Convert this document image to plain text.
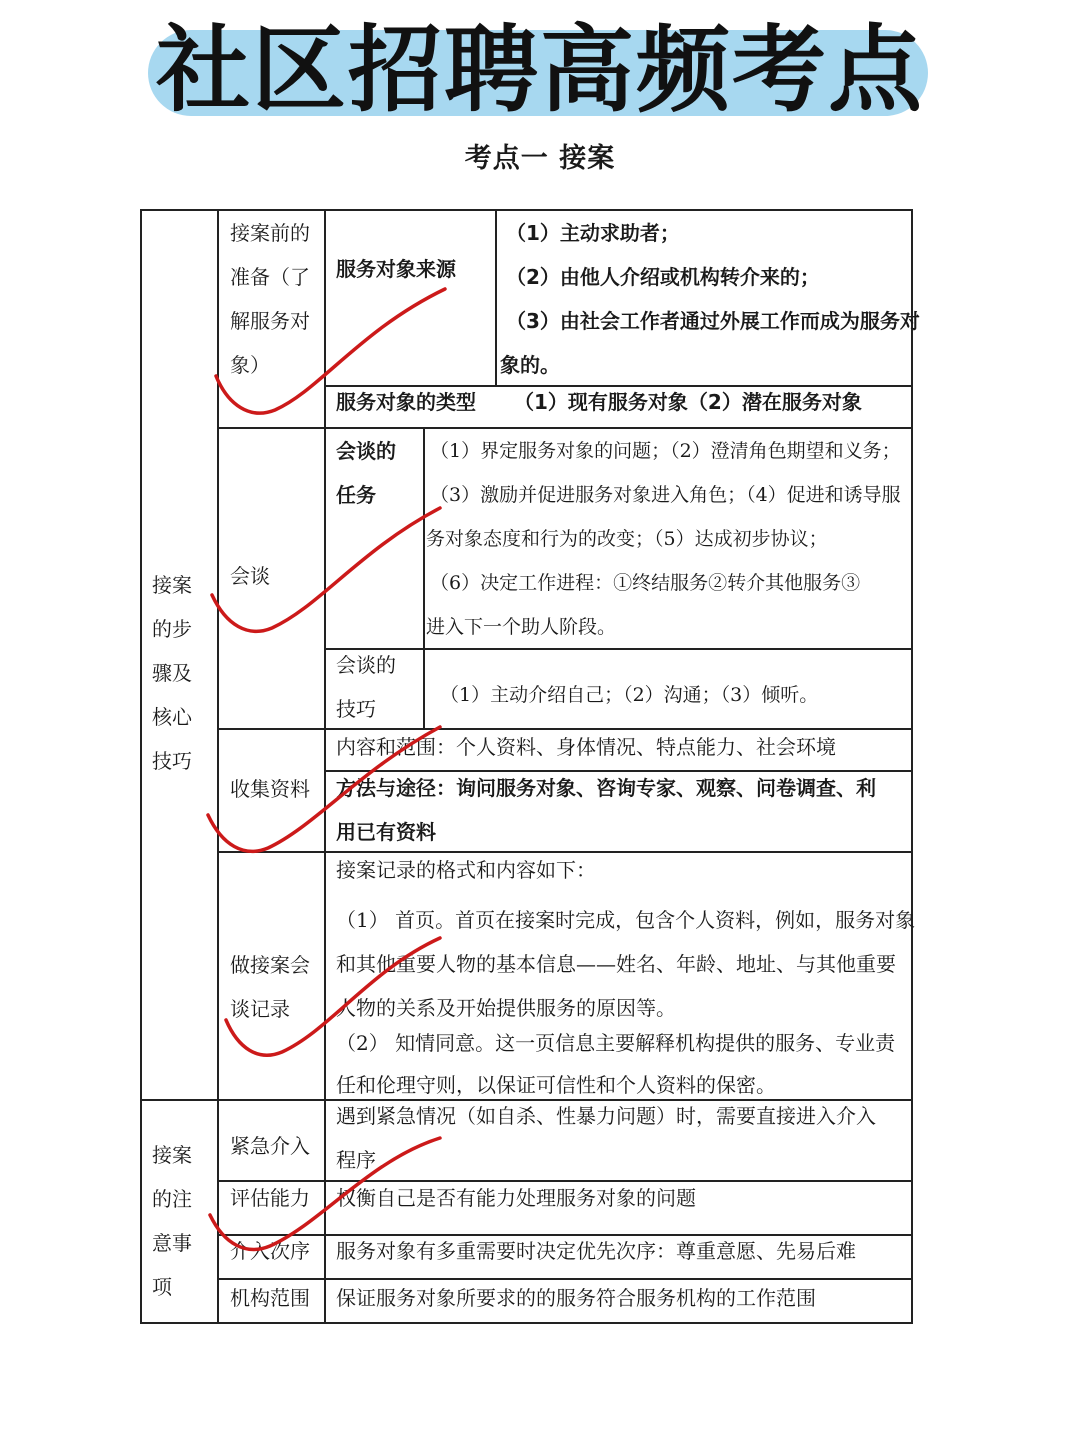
社区招聘高频考点
考点一 接案
接案
的步
骤及
核心
技巧
接案前的
准备（了
解服务对
象）
服务对象来源
（1）主动求助者；
（2）由他人介绍或机构转介来的；
（3）由社会工作者通过外展工作而成为服务对
象的。
服务对象的类型 （1）现有服务对象（2）潜在服务对象
会谈
会谈的
任务
（1）界定服务对象的问题；（2）澄清角色期望和义务；
（3）激励并促进服务对象进入角色；（4）促进和诱导服
务对象态度和行为的改变；（5）达成初步协议；
（6）决定工作进程：①终结服务②转介其他服务③
进入下一个助人阶段。
会谈的
技巧
（1）主动介绍自己；（2）沟通；（3）倾听。
收集资料
内容和范围：个人资料、身体情况、特点能力、社会环境
方法与途径：询问服务对象、咨询专家、观察、问卷调查、利
用已有资料
做接案会
谈记录
接案记录的格式和内容如下：
（1） 首页。首页在接案时完成，包含个人资料，例如，服务对象
和其他重要人物的基本信息——姓名、年龄、地址、与其他重要
人物的关系及开始提供服务的原因等。
（2） 知情同意。这一页信息主要解释机构提供的服务、专业责
任和伦理守则，以保证可信性和个人资料的保密。
接案
的注
意事
项
紧急介入
遇到紧急情况（如自杀、性暴力问题）时，需要直接进入介入
程序
评估能力 权衡自己是否有能力处理服务对象的问题
介入次序 服务对象有多重需要时决定优先次序：尊重意愿、先易后难
机构范围 保证服务对象所要求的的服务符合服务机构的工作范围
